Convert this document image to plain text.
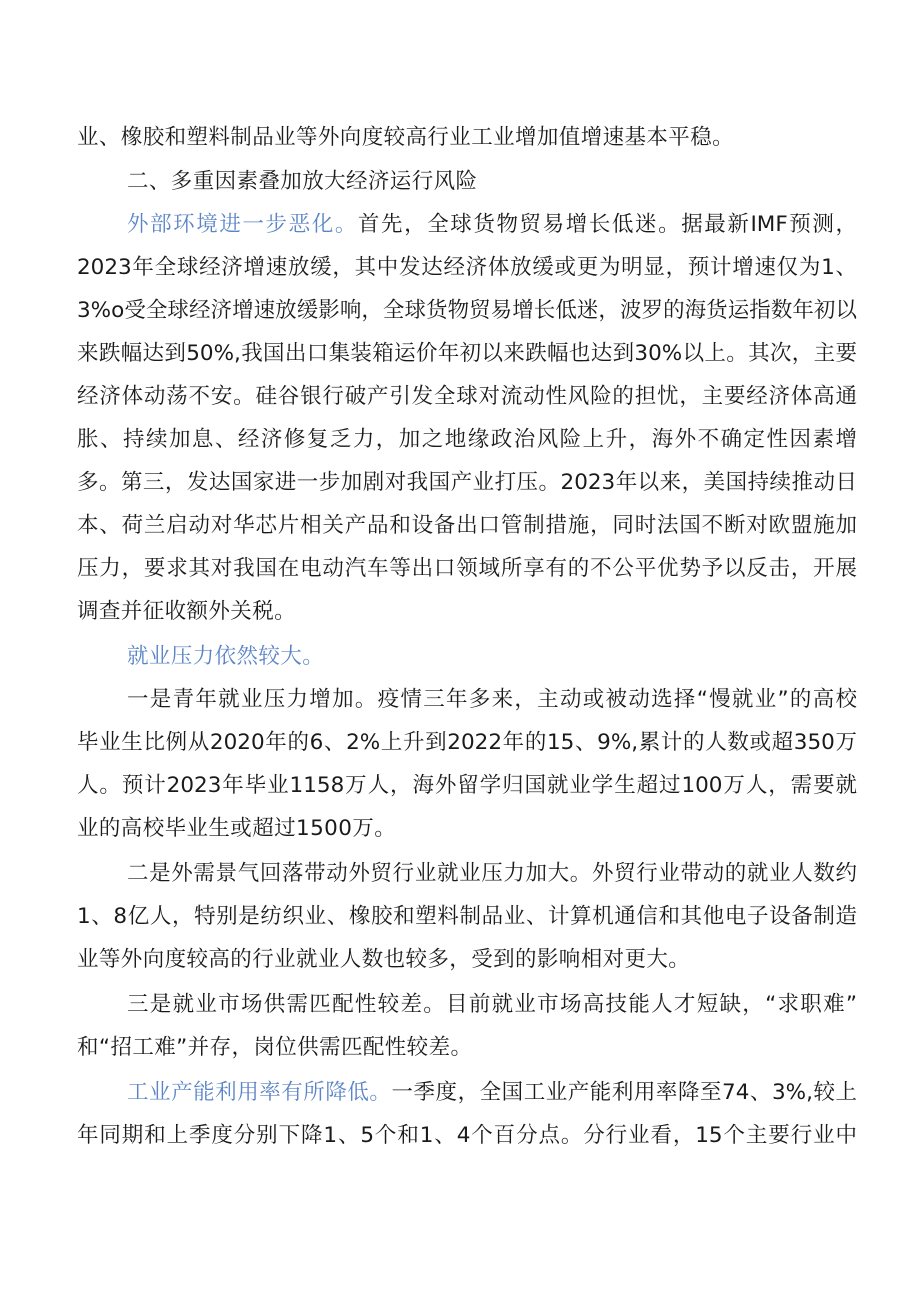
业、橡胶和塑料制品业等外向度较高行业工业增加值增速基本平稳。
二、多重因素叠加放大经济运行风险
外部环境进一步恶化。首先，全球货物贸易增长低迷。据最新IMF预测，
2023年全球经济增速放缓，其中发达经济体放缓或更为明显，预计增速仅为1、
3%o受全球经济增速放缓影响，全球货物贸易增长低迷，波罗的海货运指数年初以
来跌幅达到50%,我国出口集装箱运价年初以来跌幅也达到30%以上。其次，主要
经济体动荡不安。硅谷银行破产引发全球对流动性风险的担忧，主要经济体高通
胀、持续加息、经济修复乏力，加之地缘政治风险上升，海外不确定性因素增
多。第三，发达国家进一步加剧对我国产业打压。2023年以来，美国持续推动日
本、荷兰启动对华芯片相关产品和设备出口管制措施，同时法国不断对欧盟施加
压力，要求其对我国在电动汽车等出口领域所享有的不公平优势予以反击，开展
调查并征收额外关税。
就业压力依然较大。
一是青年就业压力增加。疫情三年多来，主动或被动选择“慢就业”的高校
毕业生比例从2020年的6、2%上升到2022年的15、9%,累计的人数或超350万
人。预计2023年毕业1158万人，海外留学归国就业学生超过100万人，需要就
业的高校毕业生或超过1500万。
二是外需景气回落带动外贸行业就业压力加大。外贸行业带动的就业人数约
1、8亿人，特别是纺织业、橡胶和塑料制品业、计算机通信和其他电子设备制造
业等外向度较高的行业就业人数也较多，受到的影响相对更大。
三是就业市场供需匹配性较差。目前就业市场高技能人才短缺，“求职难”
和“招工难”并存，岗位供需匹配性较差。
工业产能利用率有所降低。一季度，全国工业产能利用率降至74、3%,较上
年同期和上季度分别下降1、5个和1、4个百分点。分行业看，15个主要行业中
